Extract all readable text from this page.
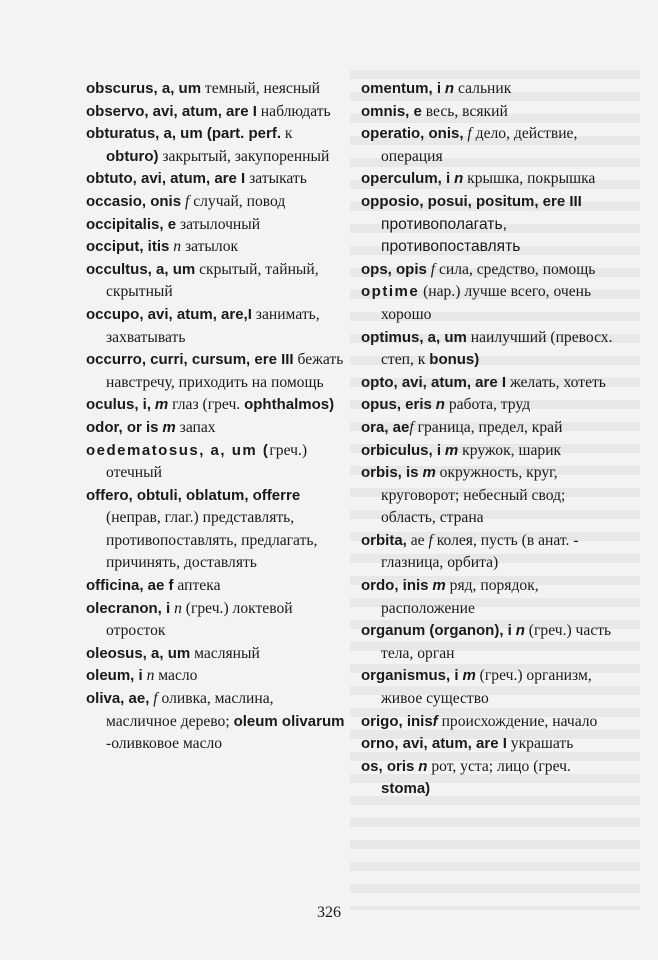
obscurus, a, um темный, неясный

observo, avi, atum, are I наблюдать

obturatus, a, um (part. perf. к obturo) закрытый, закупоренный

obtuto, avi, atum, are I затыкать

occasio, onis f случай, повод

occipitalis, e затылочный

occiput, itis n затылок

occultus, a, um скрытый, тайный, скрытный

occupo, avi, atum, are,I занимать, захватывать

occurro, curri, cursum, ere III бежать навстречу, приходить на помощь

oculus, i, m глаз (греч. ophthalmos)

odor, or is m запах

oedematosus, a, um (греч.) отечный

offero, obtuli, oblatum, offerre (неправ, глаг.) представлять, противопоставлять, предлагать, причинять, доставлять

officina, ae f аптека

olecranon, i n (греч.) локтевой отросток

oleosus, a, um масляный

oleum, i n масло

oliva, ae, f оливка, маслина, масличное дерево; oleum olivarum -оливковое масло

omentum, i n сальник

omnis, e весь, всякий

operatio, onis, f дело, действие, операция

operculum, i n крышка, покрышка

opposio, posui, positum, ere III противополагать, противопоставлять

ops, opis f сила, средство, помощь

optime (нар.) лучше всего, очень хорошо

optimus, a, um наилучший (превосх. степ, к bonus)

opto, avi, atum, are I желать, хотеть

opus, eris n работа, труд

ora, aef граница, предел, край

orbiculus, i m кружок, шарик

orbis, is m окружность, круг, круговорот; небесный свод; область, страна

orbita, ae f колея, пусть (в анат. - глазница, орбита)

ordo, inis m ряд, порядок, расположение

organum (organon), i n (греч.) часть тела, орган

organismus, i m (греч.) организм, живое существо

origo, inisf происхождение, начало

orno, avi, atum, are I украшать

os, oris n рот, уста; лицо (греч. stoma)

326
